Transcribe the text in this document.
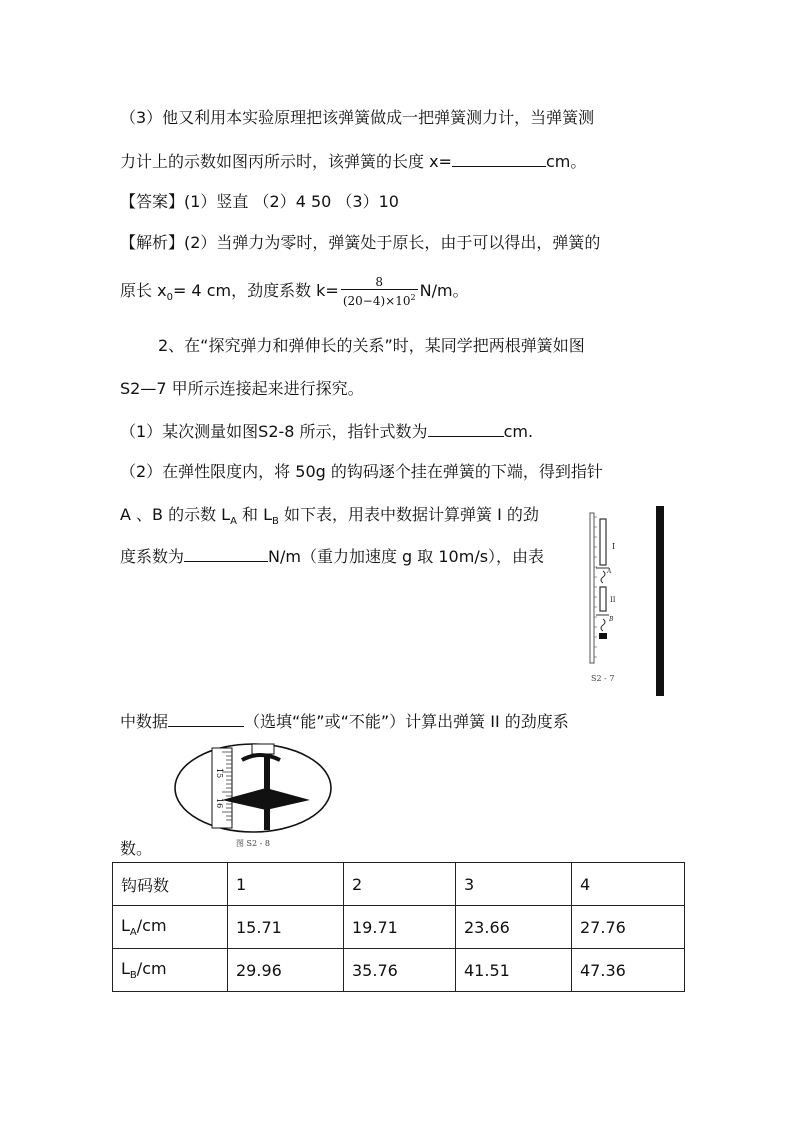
（3）他又利用本实验原理把该弹簧做成一把弹簧测力计，当弹簧测
力计上的示数如图丙所示时，该弹簧的长度 x=	cm。
【答案】(1）竖直 （2）4 50 （3）10
【解析】(2）当弹力为零时，弹簧处于原长，由于可以得出，弹簧的
原长 $x_0= 4$ cm，劲度系数 $k= \frac{8}{(20-4)\times 10^2} N/m$。
2、在“探究弹力和弹伸长的关系”时，某同学把两根弹簧如图
S2—7 甲所示连接起来进行探究。
（1）某次测量如图S2-8 所示，指针式数为	cm.
（2）在弹性限度内，将 50g 的钩码逐个挂在弹簧的下端，得到指针
A 、B 的示数 $L_A$ 和 $L_B$ 如下表，用表中数据计算弹簧 I 的劲
度系数为	N/m（重力加速度 g 取 10m/s），由表
中数据	（选填“能”或“不能”）计算出弹簧 II 的劲度系
数。
I
A
II
B
S2 - 7
15
16
图 S2 - 8
钩码数	1	2	3	4
$L_A/cm$	15.71	19.71	23.66	27.76
$L_B/cm$	29.96	35.76	41.51	47.36
